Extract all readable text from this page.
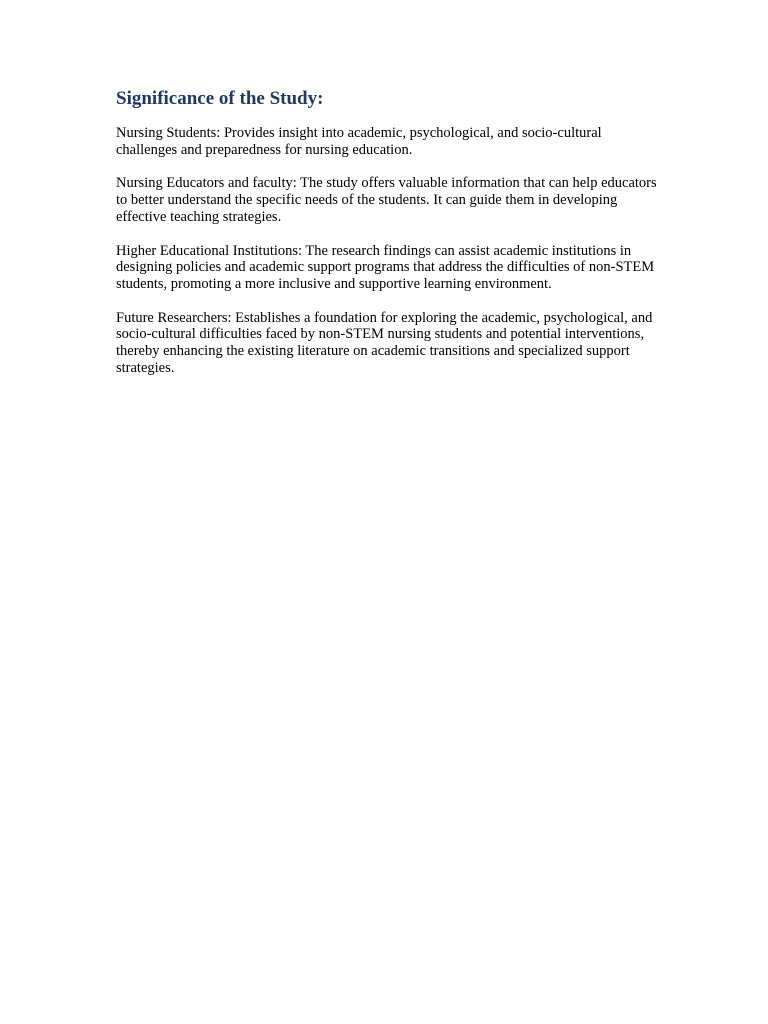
Significance of the Study:

Nursing Students: Provides insight into academic, psychological, and socio-cultural challenges and preparedness for nursing education.

Nursing Educators and faculty: The study offers valuable information that can help educators to better understand the specific needs of the students. It can guide them in developing effective teaching strategies.

Higher Educational Institutions: The research findings can assist academic institutions in designing policies and academic support programs that address the difficulties of non-STEM students, promoting a more inclusive and supportive learning environment.

Future Researchers: Establishes a foundation for exploring the academic, psychological, and socio-cultural difficulties faced by non-STEM nursing students and potential interventions, thereby enhancing the existing literature on academic transitions and specialized support strategies.
